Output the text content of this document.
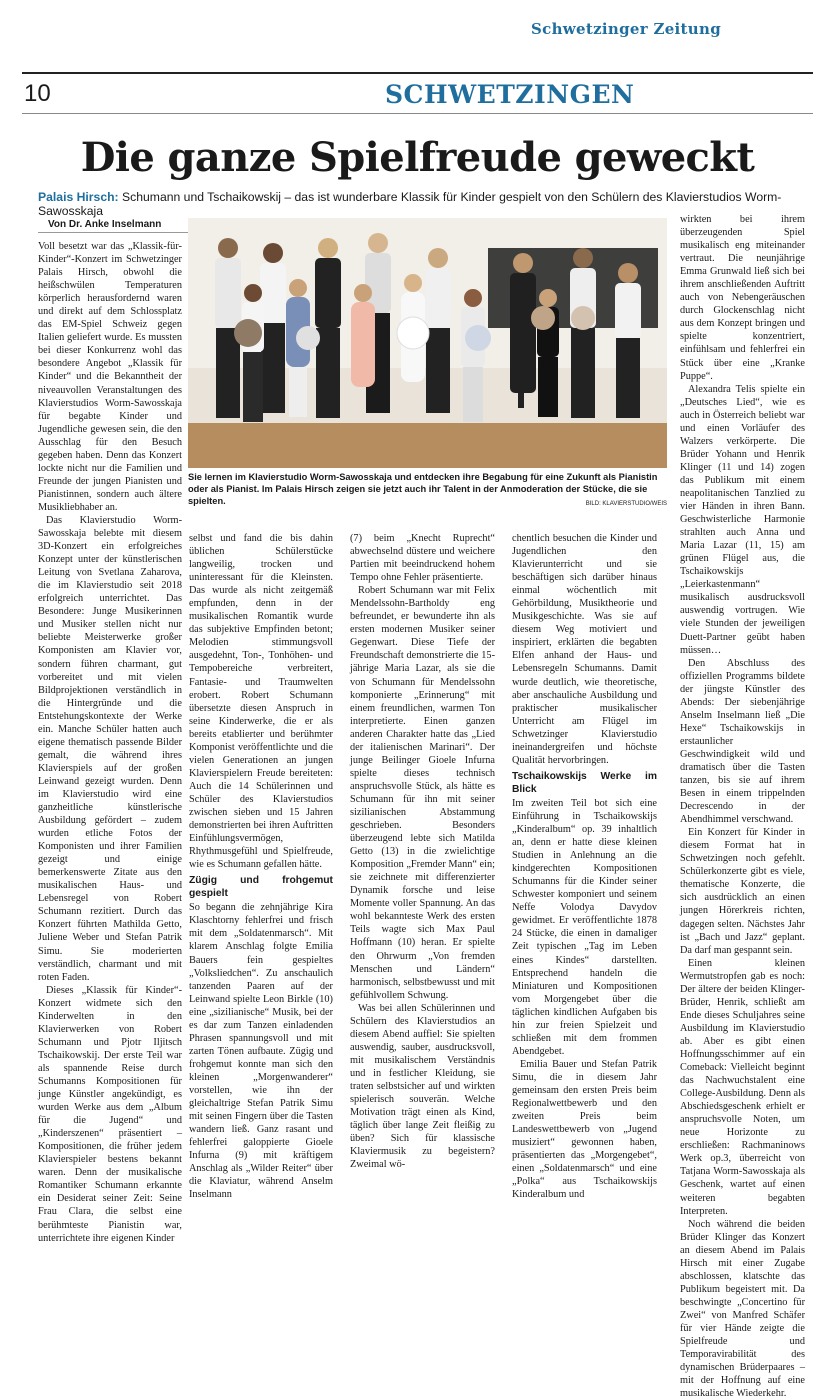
Schwetzinger Zeitung
10	SCHWETZINGEN
Die ganze Spielfreude geweckt
Palais Hirsch: Schumann und Tschaikowskij – das ist wunderbare Klassik für Kinder gespielt von den Schülern des Klavierstudios Worm-Sawosskaja
Von Dr. Anke Inselmann

Voll besetzt war das „Klassik-für-Kinder“-Konzert im Schwetzinger Palais Hirsch, obwohl die heißschwülen Temperaturen körperlich herausfordernd waren und direkt auf dem Schlossplatz das EM-Spiel Schweiz gegen Italien geliefert wurde. Es mussten bei dieser Konkurrenz wohl das besondere Angebot „Klassik für Kinder“ und die Bekanntheit der niveauvollen Veranstaltungen des Klavierstudios Worm-Sawosskaja für begabte Kinder und Jugendliche gewesen sein, die den Ausschlag für den Besuch gegeben haben. Denn das Konzert lockte nicht nur die Familien und Freunde der jungen Pianisten und Pianistinnen, sondern auch ältere Musikliebhaber an.

Das Klavierstudio Worm-Sawosskaja belebte mit diesem 3D-Konzert ein erfolgreiches Konzept unter der künstlerischen Leitung von Svetlana Zaharova, die im Klavierstudio seit 2018 erfolgreich unterrichtet. Das Besondere: Junge Musikerinnen und Musiker stellen nicht nur beliebte Meisterwerke großer Komponisten am Klavier vor, sondern führen charmant, gut vorbereitet und mit vielen Bildprojektionen verständlich in die Hintergründe und die Entstehungskontexte der Werke ein. Manche Schüler hatten auch eigene thematisch passende Bilder gemalt, die während ihres Klavierspiels auf der großen Leinwand gezeigt wurden. Denn im Klavierstudio wird eine ganzheitliche künstlerische Ausbildung gefördert – zudem wurden etliche Fotos der Komponisten und ihrer Familien gezeigt und einige bemerkenswerte Zitate aus den musikalischen Haus- und Lebensregel von Robert Schumann rezitiert. Durch das Konzert führten Mathilda Getto, Juliene Weber und Stefan Patrik Simu. Sie moderierten verständlich, charmant und mit roten Faden.

Dieses „Klassik für Kinder“-Konzert widmete sich den Kinderwelten in den Klavierwerken von Robert Schumann und Pjotr Iljitsch Tschaikowskij. Der erste Teil war als spannende Reise durch Schumanns Kompositionen für junge Künstler angekündigt, es wurden Werke aus dem „Album für die Jugend“ und „Kinderszenen“ präsentiert – Kompositionen, die früher jedem Klavierspieler bestens bekannt waren. Denn der musikalische Romantiker Schumann erkannte ein Desiderat seiner Zeit: Seine Frau Clara, die selbst eine berühmteste Pianistin war, unterrichtete ihre eigenen Kinder

Sie lernen im Klavierstudio Worm-Sawosskaja und entdecken ihre Begabung für eine Zukunft als Pianistin oder als Pianist. Im Palais Hirsch zeigen sie jetzt auch ihr Talent in der Anmoderation der Stücke, die sie spielten.	BILD: KLAVIERSTUDIO/WEIS

selbst und fand die bis dahin üblichen Schülerstücke langweilig, trocken und uninteressant für die Kleinsten. Das wurde als nicht zeitgemäß empfunden, denn in der musikalischen Romantik wurde das subjektive Empfinden betont; Melodien stimmungsvoll ausgedehnt, Ton-, Tonhöhen- und Tempobereiche verbreitert, Fantasie- und Traumwelten erobert. Robert Schumann übersetzte diesen Anspruch in seine Kinderwerke, die er als bereits etablierter und berühmter Komponist veröffentlichte und die vielen Generationen an jungen Klavierspielern Freude bereiteten: Auch die 14 Schülerinnen und Schüler des Klavierstudios zwischen sieben und 15 Jahren demonstrierten bei ihren Auftritten Einfühlungsvermögen, Rhythmusgefühl und Spielfreude, wie es Schumann gefallen hätte.

Zügig und frohgemut gespielt

So begann die zehnjährige Kira Klaschtorny fehlerfrei und frisch mit dem „Soldatenmarsch“. Mit klarem Anschlag folgte Emilia Bauers fein gespieltes „Volksliedchen“. Zu anschaulich tanzenden Paaren auf der Leinwand spielte Leon Birkle (10) eine „sizilianische“ Musik, bei der es dar zum Tanzen einladenden Phrasen spannungsvoll und mit zarten Tönen aufbaute. Zügig und frohgemut konnte man sich den kleinen „Morgenwanderer“ vorstellen, wie ihn der gleichaltrige Stefan Patrik Simu mit seinen Fingern über die Tasten wandern ließ. Ganz rasant und fehlerfrei galoppierte Gioele Infurna (9) mit kräftigem Anschlag als „Wilder Reiter“ über die Klaviatur, während Anselm Inselmann

(7) beim „Knecht Ruprecht“ abwechselnd düstere und weichere Partien mit beeindruckend hohem Tempo ohne Fehler präsentierte.

Robert Schumann war mit Felix Mendelssohn-Bartholdy eng befreundet, er bewunderte ihn als ersten modernen Musiker seiner Gegenwart. Diese Tiefe der Freundschaft demonstrierte die 15-jährige Maria Lazar, als sie die von Schumann für Mendelssohn komponierte „Erinnerung“ mit einem freundlichen, warmen Ton interpretierte. Einen ganzen anderen Charakter hatte das „Lied der italienischen Marinari“. Der junge Beilinger Gioele Infurna spielte dieses technisch anspruchsvolle Stück, als hätte es Schumann für ihn mit seiner sizilianischen Abstammung geschrieben. Besonders überzeugend lebte sich Matilda Getto (13) in die zwielichtige Komposition „Fremder Mann“ ein; sie zeichnete mit differenzierter Dynamik forsche und leise Momente voller Spannung. An das wohl bekannteste Werk des ersten Teils wagte sich Max Paul Hoffmann (10) heran. Er spielte den Ohrwurm „Von fremden Menschen und Ländern“ harmonisch, selbstbewusst und mit gefühlvollem Schwung.

Was bei allen Schülerinnen und Schülern des Klavierstudios an diesem Abend auffiel: Sie spielten auswendig, sauber, ausdrucksvoll, mit musikalischem Verständnis und in festlicher Kleidung, sie traten selbstsicher auf und wirkten spielerisch souverän. Welche Motivation trägt einen als Kind, täglich über lange Zeit fleißig zu üben? Sich für klassische Klaviermusik zu begeistern? Zweimal wö-

chentlich besuchen die Kinder und Jugendlichen den Klavierunterricht und sie beschäftigen sich darüber hinaus einmal wöchentlich mit Gehörbildung, Musiktheorie und Musikgeschichte. Was sie auf diesem Weg motiviert und inspiriert, erklärten die begabten Elfen anhand der Haus- und Lebensregeln Schumanns. Damit wurde deutlich, wie theoretische, aber anschauliche Ausbildung und praktischer musikalischer Unterricht am Flügel im Schwetzinger Klavierstudio ineinandergreifen und höchste Qualität hervorbringen.

Tschaikowskijs Werke im Blick

Im zweiten Teil bot sich eine Einführung in Tschaikowskijs „Kinderalbum“ op. 39 inhaltlich an, denn er hatte diese kleinen Studien in Anlehnung an die kindgerechten Kompositionen Schumanns für die Kinder seiner Schwester komponiert und seinem Neffe Volodya Davydov gewidmet. Er veröffentlichte 1878 24 Stücke, die einen in damaliger Zeit typischen „Tag im Leben eines Kindes“ darstellten. Entsprechend handeln die Miniaturen und Kompositionen vom Morgengebet über die täglichen kindlichen Aufgaben bis hin zur freien Spielzeit und schließen mit dem frommen Abendgebet.

Emilia Bauer und Stefan Patrik Simu, die in diesem Jahr gemeinsam den ersten Preis beim Regionalwettbewerb und den zweiten Preis beim Landeswettbewerb von „Jugend musiziert“ gewonnen haben, präsentierten das „Morgengebet“, einen „Soldatenmarsch“ und eine „Polka“ aus Tschaikowskijs Kinderalbum und

wirkten bei ihrem überzeugenden Spiel musikalisch eng miteinander vertraut. Die neunjährige Emma Grunwald ließ sich bei ihrem anschließenden Auftritt auch von Nebengeräuschen durch Glockenschlag nicht aus dem Konzept bringen und spielte konzentriert, einfühlsam und fehlerfrei ein Stück über eine „Kranke Puppe“.

Alexandra Telis spielte ein „Deutsches Lied“, wie es auch in Österreich beliebt war und einen Vorläufer des Walzers verkörperte. Die Brüder Yohann und Henrik Klinger (11 und 14) zogen das Publikum mit einem neapolitanischen Tanzlied zu vier Händen in ihren Bann. Geschwisterliche Harmonie strahlten auch Anna und Maria Lazar (11, 15) am grünen Flügel aus, die Tschaikowskijs „Leierkastenmann“ musikalisch ausdrucksvoll auswendig vortrugen. Wie viele Stunden der jeweiligen Duett-Partner geübt haben müssen…

Den Abschluss des offiziellen Programms bildete der jüngste Künstler des Abends: Der siebenjährige Anselm Inselmann ließ „Die Hexe“ Tschaikowskijs in erstaunlicher Geschwindigkeit wild und dramatisch über die Tasten tanzen, bis sie auf ihrem Besen in einem trippelnden Decrescendo in der Abendhimmel verschwand.

Ein Konzert für Kinder in diesem Format hat in Schwetzingen noch gefehlt. Schülerkonzerte gibt es viele, thematische Konzerte, die sich ausdrücklich an einen jungen Hörerkreis richten, dagegen selten. Nächstes Jahr ist „Bach und Jazz“ geplant. Da darf man gespannt sein.

Einen kleinen Wermutstropfen gab es noch: Der ältere der beiden Klinger-Brüder, Henrik, schließt am Ende dieses Schuljahres seine Ausbildung im Klavierstudio ab. Aber es gibt einen Hoffnungsschimmer auf ein Comeback: Vielleicht beginnt das Nachwuchstalent eine College-Ausbildung. Denn als Abschiedsgeschenk erhielt er anspruchsvolle Noten, um neue Horizonte zu erschließen: Rachmaninows Werk op.3, überreicht von Tatjana Worm-Sawosskaja als Geschenk, wartet auf einen weiteren begabten Interpreten.

Noch während die beiden Brüder Klinger das Konzert an diesem Abend im Palais Hirsch mit einer Zugabe abschlossen, klatschte das Publikum begeistert mit. Da beschwingte „Concertino für Zwei“ von Manfred Schäfer für vier Hände zeigte die Spielfreude und Temporavirabilität des dynamischen Brüderpaares – mit der Hoffnung auf eine musikalische Wiederkehr.
